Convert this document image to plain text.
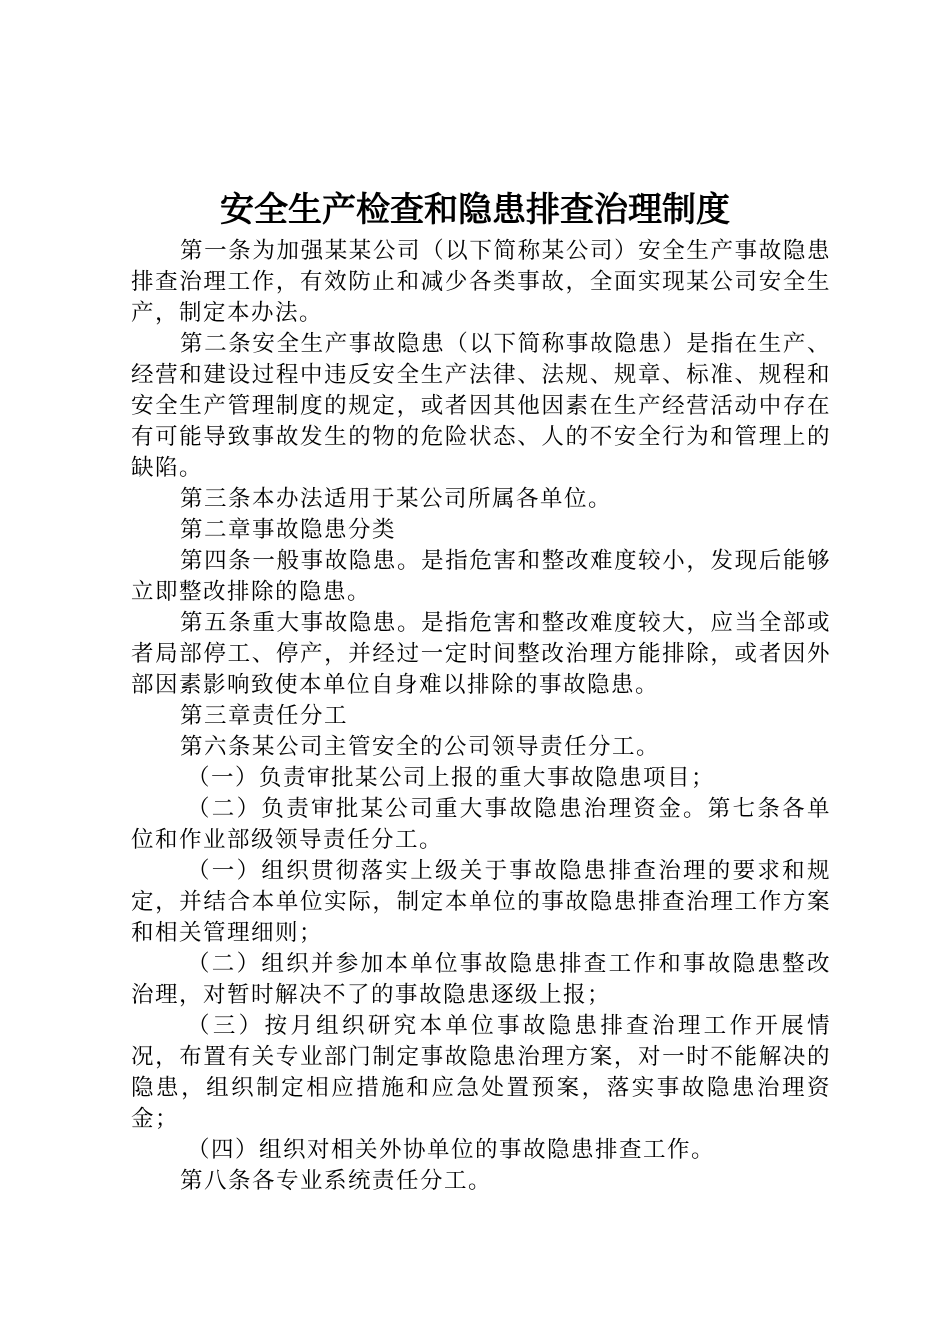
安全生产检查和隐患排查治理制度

第一条为加强某某公司（以下简称某公司）安全生产事故隐患排查治理工作，有效防止和减少各类事故，全面实现某公司安全生产，制定本办法。

第二条安全生产事故隐患（以下简称事故隐患）是指在生产、经营和建设过程中违反安全生产法律、法规、规章、标准、规程和安全生产管理制度的规定，或者因其他因素在生产经营活动中存在有可能导致事故发生的物的危险状态、人的不安全行为和管理上的缺陷。

第三条本办法适用于某公司所属各单位。

第二章事故隐患分类

第四条一般事故隐患。是指危害和整改难度较小，发现后能够立即整改排除的隐患。

第五条重大事故隐患。是指危害和整改难度较大，应当全部或者局部停工、停产，并经过一定时间整改治理方能排除，或者因外部因素影响致使本单位自身难以排除的事故隐患。

第三章责任分工

第六条某公司主管安全的公司领导责任分工。

（一）负责审批某公司上报的重大事故隐患项目；

（二）负责审批某公司重大事故隐患治理资金。第七条各单位和作业部级领导责任分工。

（一）组织贯彻落实上级关于事故隐患排查治理的要求和规定，并结合本单位实际，制定本单位的事故隐患排查治理工作方案和相关管理细则；

（二）组织并参加本单位事故隐患排查工作和事故隐患整改治理，对暂时解决不了的事故隐患逐级上报；

（三）按月组织研究本单位事故隐患排查治理工作开展情况，布置有关专业部门制定事故隐患治理方案，对一时不能解决的隐患，组织制定相应措施和应急处置预案，落实事故隐患治理资金；

（四）组织对相关外协单位的事故隐患排查工作。

第八条各专业系统责任分工。
